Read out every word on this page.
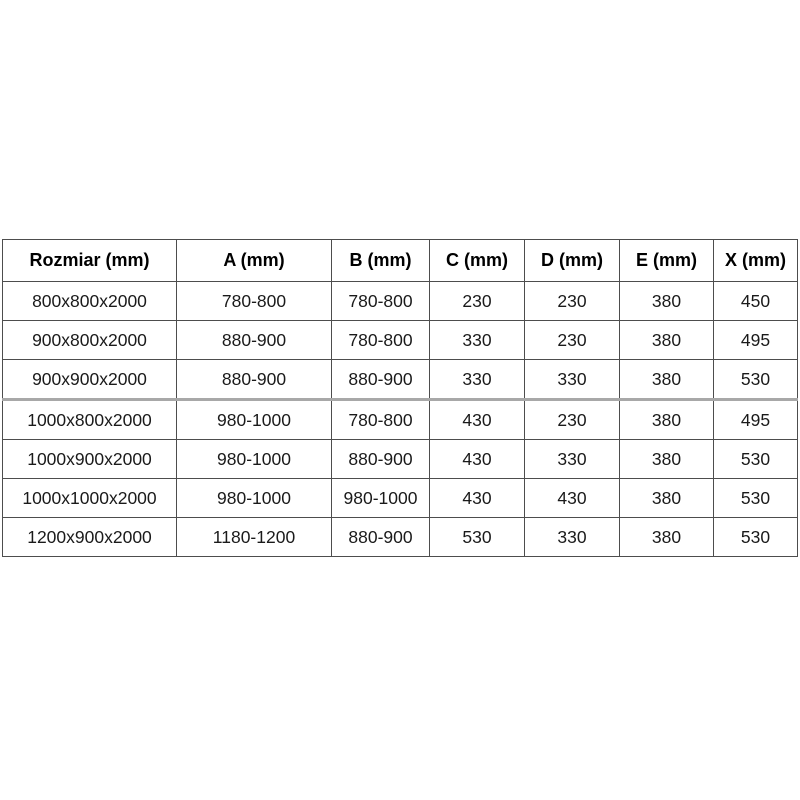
Rozmiar (mm)	A (mm)	B (mm)	C (mm)	D (mm)	E (mm)	X (mm)
800x800x2000	780-800	780-800	230	230	380	450
900x800x2000	880-900	780-800	330	230	380	495
900x900x2000	880-900	880-900	330	330	380	530
1000x800x2000	980-1000	780-800	430	230	380	495
1000x900x2000	980-1000	880-900	430	330	380	530
1000x1000x2000	980-1000	980-1000	430	430	380	530
1200x900x2000	1180-1200	880-900	530	330	380	530
